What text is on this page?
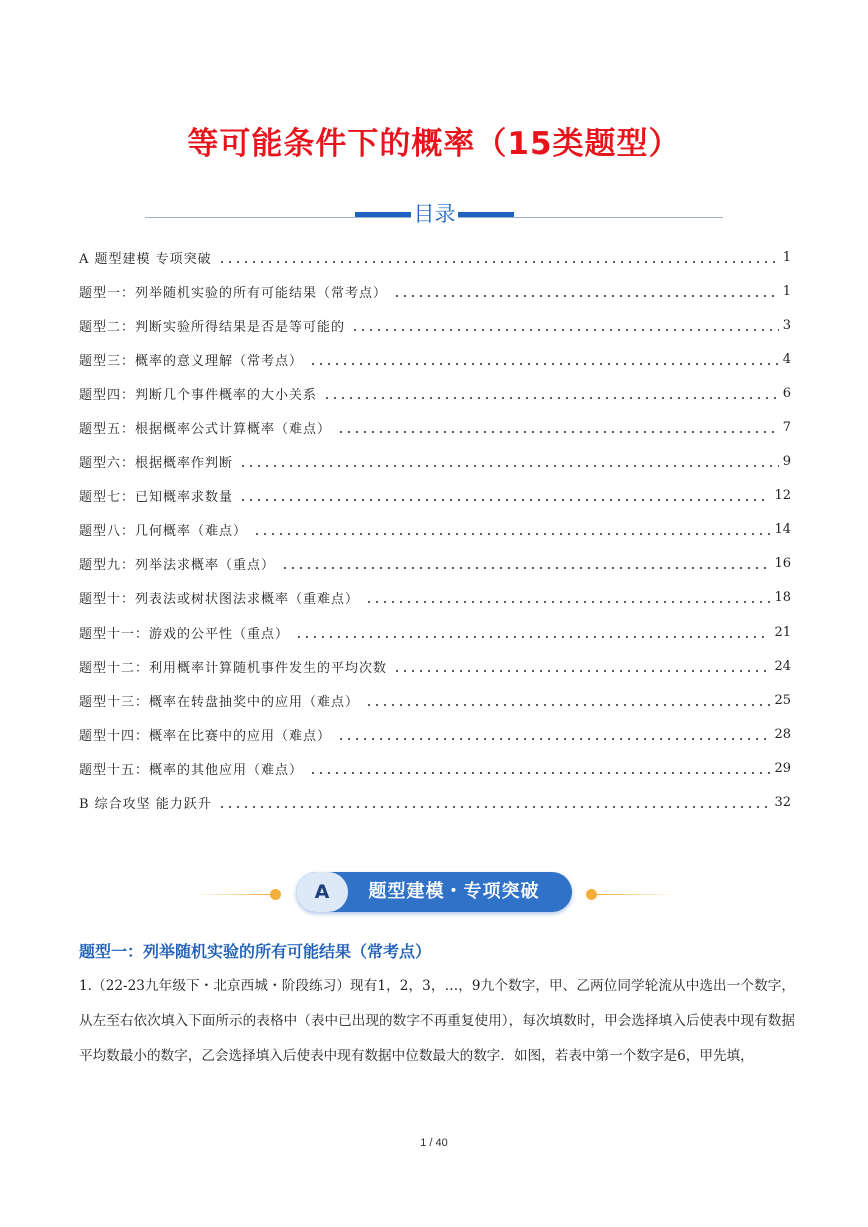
等可能条件下的概率（15类题型）
目录
A 题型建模 专项突破	1
题型一：列举随机实验的所有可能结果（常考点）	1
题型二：判断实验所得结果是否是等可能的	3
题型三：概率的意义理解（常考点）	4
题型四：判断几个事件概率的大小关系	6
题型五：根据概率公式计算概率（难点）	7
题型六：根据概率作判断	9
题型七：已知概率求数量	12
题型八：几何概率（难点）	14
题型九：列举法求概率（重点）	16
题型十：列表法或树状图法求概率（重难点）	18
题型十一：游戏的公平性（重点）	21
题型十二：利用概率计算随机事件发生的平均次数	24
题型十三：概率在转盘抽奖中的应用（难点）	25
题型十四：概率在比赛中的应用（难点）	28
题型十五：概率的其他应用（难点）	29
B 综合攻坚 能力跃升	32
A	题型建模・专项突破
题型一：列举随机实验的所有可能结果（常考点）

1.（22-23九年级下・北京西城・阶段练习）现有1，2，3，…，9九个数字，甲、乙两位同学轮流从中选出一个数字，从左至右依次填入下面所示的表格中（表中已出现的数字不再重复使用），每次填数时，甲会选择填入后使表中现有数据平均数最小的数字，乙会选择填入后使表中现有数据中位数最大的数字．如图，若表中第一个数字是6，甲先填，

1 / 40
